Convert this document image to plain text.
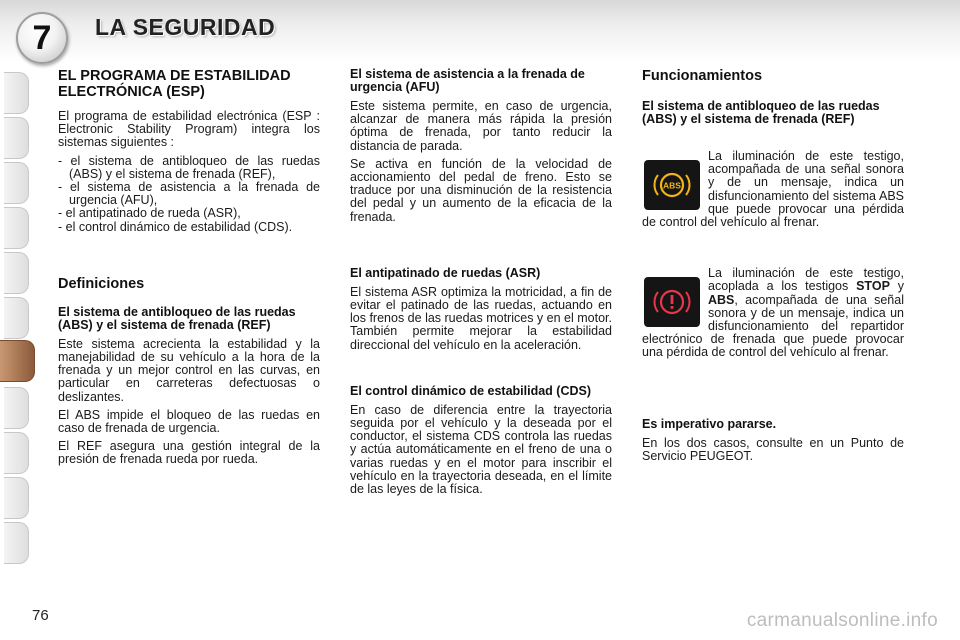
7 LA SEGURIDAD
EL PROGRAMA DE ESTABILIDAD ELECTRÓNICA (ESP)

El programa de estabilidad electrónica (ESP : Electronic Stability Program) integra los sistemas siguientes :

- el sistema de antibloqueo de las ruedas (ABS) y el sistema de frenada (REF),
- el sistema de asistencia a la frenada de urgencia (AFU),
- el antipatinado de rueda (ASR),
- el control dinámico de estabilidad (CDS).
Definiciones
El sistema de antibloqueo de las ruedas (ABS) y el sistema de frenada (REF)

Este sistema acrecienta la estabilidad y la manejabilidad de su vehículo a la hora de la frenada y un mejor control en las curvas, en particular en carreteras defectuosas o deslizantes.

El ABS impide el bloqueo de las ruedas en caso de frenada de urgencia.

El REF asegura una gestión integral de la presión de frenada rueda por rueda.

El sistema de asistencia a la frenada de urgencia (AFU)

Este sistema permite, en caso de urgencia, alcanzar de manera más rápida la presión óptima de frenada, por tanto reducir la distancia de parada.

Se activa en función de la velocidad de accionamiento del pedal de freno. Esto se traduce por una disminución de la resistencia del pedal y un aumento de la eficacia de la frenada.

El antipatinado de ruedas (ASR)

El sistema ASR optimiza la motricidad, a fin de evitar el patinado de las ruedas, actuando en los frenos de las ruedas motrices y en el motor. También permite mejorar la estabilidad direccional del vehículo en la aceleración.

El control dinámico de estabilidad (CDS)

En caso de diferencia entre la trayectoria seguida por el vehículo y la deseada por el conductor, el sistema CDS controla las ruedas y actúa automáticamente en el freno de una o varias ruedas y en el motor para inscribir el vehículo en la trayectoria deseada, en el límite de las leyes de la física.

Funcionamientos
El sistema de antibloqueo de las ruedas (ABS) y el sistema de frenada (REF)
ABS

La iluminación de este testigo, acompañada de una señal sonora y de un mensaje, indica un disfuncionamiento del sistema ABS que puede provocar una pérdida de control del vehículo al frenar.

La iluminación de este testigo, acoplada a los testigos STOP y ABS, acompañada de una señal sonora y de un mensaje, indica un disfuncionamiento del repartidor electrónico de frenada que puede provocar una pérdida de control del vehículo al frenar.

Es imperativo pararse.

En los dos casos, consulte en un Punto de Servicio PEUGEOT.

76	carmanualsonline.info
